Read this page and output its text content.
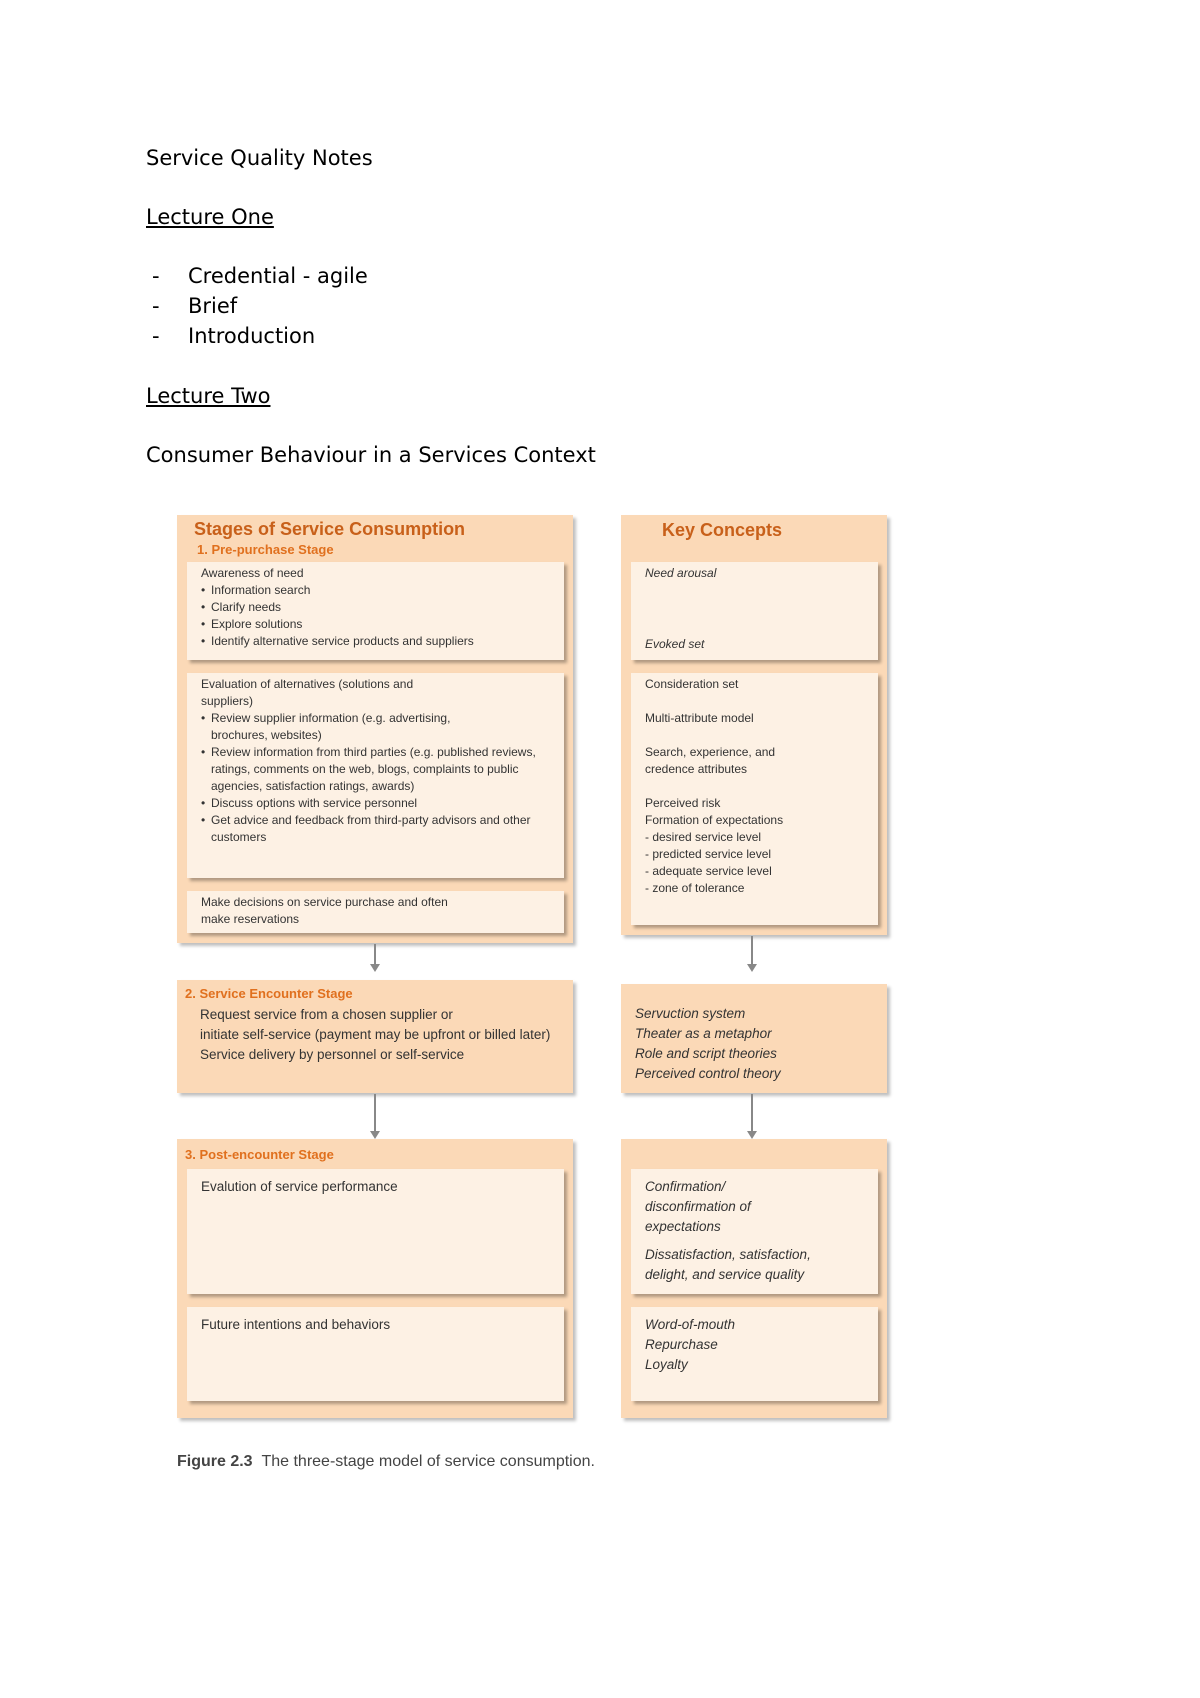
Service Quality Notes
Lecture One
- Credential - agile
- Brief
- Introduction
Lecture Two
Consumer Behaviour in a Services Context
Stages of Service Consumption
1. Pre-purchase Stage
Awareness of need
• Information search
• Clarify needs
• Explore solutions
• Identify alternative service products and suppliers
Evaluation of alternatives (solutions and suppliers)
• Review supplier information (e.g. advertising, brochures, websites)
• Review information from third parties (e.g. published reviews, ratings, comments on the web, blogs, complaints to public agencies, satisfaction ratings, awards)
• Discuss options with service personnel
• Get advice and feedback from third-party advisors and other customers
Make decisions on service purchase and often make reservations
Key Concepts
Need arousal
Evoked set
Consideration set
Multi-attribute model
Search, experience, and credence attributes
Perceived risk
Formation of expectations
- desired service level
- predicted service level
- adequate service level
- zone of tolerance
2. Service Encounter Stage
Request service from a chosen supplier or
initiate self-service (payment may be upfront or billed later)
Service delivery by personnel or self-service
Servuction system
Theater as a metaphor
Role and script theories
Perceived control theory
3. Post-encounter Stage
Evalution of service performance
Future intentions and behaviors
Confirmation/ disconfirmation of expectations
Dissatisfaction, satisfaction, delight, and service quality
Word-of-mouth
Repurchase
Loyalty
Figure 2.3 The three-stage model of service consumption.
